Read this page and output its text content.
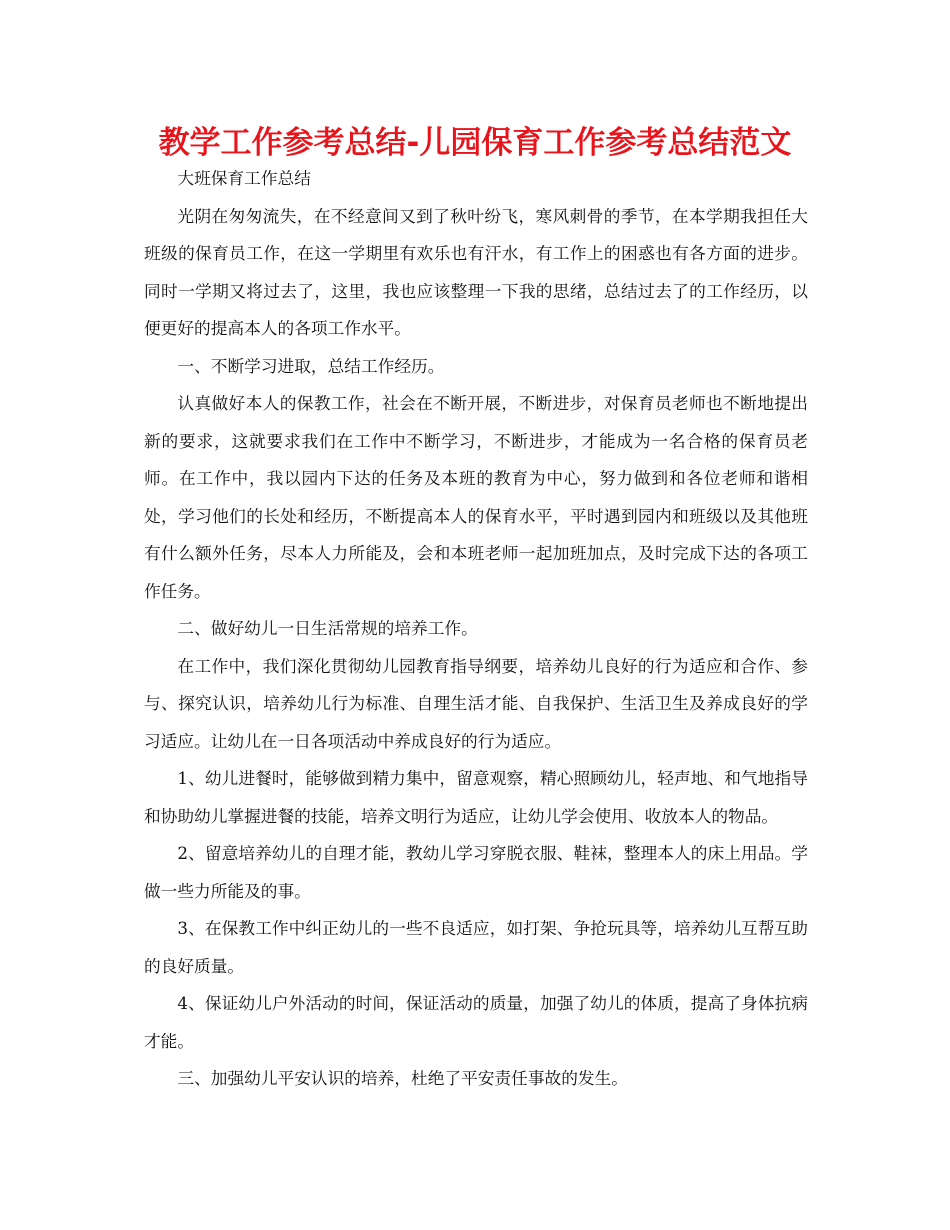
教学工作参考总结-儿园保育工作参考总结范文

大班保育工作总结

光阴在匆匆流失，在不经意间又到了秋叶纷飞，寒风刺骨的季节，在本学期我担任大班级的保育员工作，在这一学期里有欢乐也有汗水，有工作上的困惑也有各方面的进步。同时一学期又将过去了，这里，我也应该整理一下我的思绪，总结过去了的工作经历，以便更好的提高本人的各项工作水平。

一、不断学习进取，总结工作经历。

认真做好本人的保教工作，社会在不断开展，不断进步，对保育员老师也不断地提出新的要求，这就要求我们在工作中不断学习，不断进步，才能成为一名合格的保育员老师。在工作中，我以园内下达的任务及本班的教育为中心，努力做到和各位老师和谐相处，学习他们的长处和经历，不断提高本人的保育水平，平时遇到园内和班级以及其他班有什么额外任务，尽本人力所能及，会和本班老师一起加班加点，及时完成下达的各项工作任务。

二、做好幼儿一日生活常规的培养工作。

在工作中，我们深化贯彻幼儿园教育指导纲要，培养幼儿良好的行为适应和合作、参与、探究认识，培养幼儿行为标准、自理生活才能、自我保护、生活卫生及养成良好的学习适应。让幼儿在一日各项活动中养成良好的行为适应。

1、幼儿进餐时，能够做到精力集中，留意观察，精心照顾幼儿，轻声地、和气地指导和协助幼儿掌握进餐的技能，培养文明行为适应，让幼儿学会使用、收放本人的物品。

2、留意培养幼儿的自理才能，教幼儿学习穿脱衣服、鞋袜，整理本人的床上用品。学做一些力所能及的事。

3、在保教工作中纠正幼儿的一些不良适应，如打架、争抢玩具等，培养幼儿互帮互助的良好质量。

4、保证幼儿户外活动的时间，保证活动的质量，加强了幼儿的体质，提高了身体抗病才能。

三、加强幼儿平安认识的培养，杜绝了平安责任事故的发生。
